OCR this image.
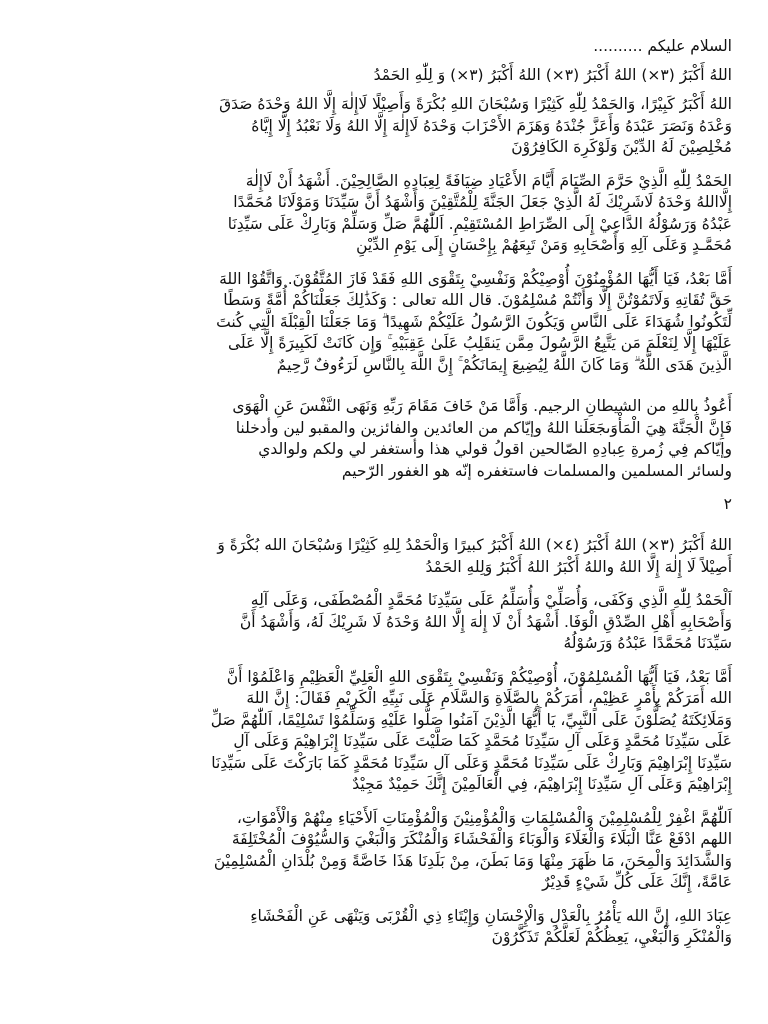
السلام عليكم ..........

اللهُ أَكْبَرُ (٣×) اللهُ أَكْبَرُ (٣×) اللهُ أَكْبَرُ (٣×) وَ لِلّٰهِ الحَمْدُ

اللهُ أَكْبَرُ كَبِيْرًا، وَالحَمْدُ لِلّٰهِ كَثِيْرًا وَسُبْحَانَ اللهِ بُكْرَةً وَأَصِيْلًا لَاإِلٰهَ إِلَّا اللهُ وَحْدَهُ صَدَقَ
وَعْدَهُ وَنَصَرَ عَبْدَهُ وَأَعَزَّ جُنْدَهُ وَهَزَمَ الأَحْزَابَ وَحْدَهُ لَاإِلٰهَ إِلَّا اللهُ وَلَا نَعْبُدُ إِلَّا إِيَّاهُ
مُخْلِصِيْنَ لَهُ الدِّيْنَ وَلَوْكَرِهَ الكَافِرُوْنَ

الحَمْدُ لِلّٰهِ الَّذِيْ حَرَّمَ الصِّيَامَ أَيَّامَ الأَعْيَادِ ضِيَافَةً لِعِبَادِهِ الصَّالِحِيْنَ. أَشْهَدُ أَنْ لَاإِلٰهَ
إِلَّااللهُ وَحْدَهُ لَاشَرِيْكَ لَهُ الَّذِيْ جَعَلَ الجَنَّةَ لِلْمُتَّقِيْنَ وَأَشْهَدُ أَنَّ سَيِّدَنَا وَمَوْلَانَا مُحَمَّدًا
عَبْدُهُ وَرَسُوْلُهُ الدَّاعِيْ إِلَى الصِّرَاطِ المُسْتَقِيْمِ. اَللّٰهُمَّ صَلِّ وَسَلِّمْ وَبَارِكْ عَلَى سَيِّدِنَا
مُحَمَّـدٍ وَعَلَى آلِهِ وَأَصْحَابِهِ وَمَنْ تَبِعَهُمْ بِإِحْسَانٍ إِلَى يَوْمِ الدِّيْنِ

أَمَّا بَعْدُ، فَيَا أَيُّهَا المُؤْمِنُوْنَ أُوْصِيْكُمْ وَنَفْسِيْ بِتَقْوَى اللهِ فَقَدْ فَازَ المُتَّقُوْنَ. وَاتَّقُوْا اللهَ
حَقَّ تُقَاتِهِ وَلَاتَمُوْتُنَّ إِلَّا وَأَنْتُمْ مُسْلِمُوْنَ. قال الله تعالى : وَكَذَٰلِكَ جَعَلْنَاكُمْ أُمَّةً وَسَطًا
لِّتَكُونُوا شُهَدَاءَ عَلَى النَّاسِ وَيَكُونَ الرَّسُولُ عَلَيْكُمْ شَهِيدًا ۗ وَمَا جَعَلْنَا الْقِبْلَةَ الَّتِي كُنتَ
عَلَيْهَا إِلَّا لِنَعْلَمَ مَن يَتَّبِعُ الرَّسُولَ مِمَّن يَنقَلِبُ عَلَىٰ عَقِبَيْهِ ۚ وَإِن كَانَتْ لَكَبِيرَةً إِلَّا عَلَى
الَّذِينَ هَدَى اللَّهُ ۗ وَمَا كَانَ اللَّهُ لِيُضِيعَ إِيمَانَكُمْ ۚ إِنَّ اللَّهَ بِالنَّاسِ لَرَءُوفٌ رَّحِيمٌ

أَعُوذُ بِاللهِ من الشيطانِ الرجيم. وَأَمَّا مَنْ خَافَ مَقَامَ رَبِّهِ وَنَهَى النَّفْسَ عَنِ الْهَوَى
فَإِنَّ الْجَنَّةَ هِيَ الْمَأْوَىجَعَلَنا اللهُ وإيّاكم من العائدين والفائزين والمقبو لين وأدخلنا
وإيّاكم فِي زُمرةِ عِبادِهِ الصّالحين اقولُ قولي هذا وأستغفر لي ولكم ولوالدي
ولسائر المسلمين والمسلمات فاستغفره إنّه هو الغفور الرّحيم

٢

اللهُ أَكْبَرُ (٣×) اللهُ أَكْبَرُ (٤×) اللهُ أَكْبَرُ كبيرًا وَالْحَمْدُ لِلهِ كَثِيْرًا وَسُبْحَانَ الله بُكْرَةً وَ
أَصِيْلاً لَا إِلٰهَ إِلَّا اللهُ واللهُ أَكْبَرُ اللهُ أَكْبَرُ وَلِلهِ الحَمْدُ

اَلْحَمْدُ لِلّٰهِ الَّذِي وَكَفَى، وَأُصَلِّيْ وَأُسَلِّمُ عَلَى سَيِّدِنَا مُحَمَّدٍ الْمُصْطَفَى، وَعَلَى آلِهِ
وَأَصْحَابِهِ أَهْلِ الصِّدْقِ الْوَفَا. أَشْهَدُ أَنْ لَا إِلٰهَ إِلَّا اللهُ وَحْدَهُ لَا شَرِيْكَ لَهُ، وَأَشْهَدُ أَنَّ
سَيِّدَنَا مُحَمَّدًا عَبْدُهُ وَرَسُوْلُهُ

أَمَّا بَعْدُ، فَيَا أَيُّهَا الْمُسْلِمُوْنَ، أُوْصِيْكُمْ وَنَفْسِيْ بِتَقْوَى اللهِ الْعَلِيِّ الْعَظِيْمِ وَاعْلَمُوْا أَنَّ
الله أَمَرَكُمْ بِأَمْرٍ عَظِيْمٍ، أَمَرَكُمْ بِالصَّلَاةِ وَالسَّلَامِ عَلَى نَبِيِّهِ الْكَرِيْمِ فَقَالَ: إِنَّ اللهَ
وَمَلَائِكَتَهُ يُصَلُّوْنَ عَلَى النَّبِيِّ، يَا أَيُّهَا الَّذِيْنَ آمَنُوا صَلُّوا عَلَيْهِ وَسَلِّمُوْا تَسْلِيْمًا، اَللّٰهُمَّ صَلِّ
عَلَى سَيِّدِنَا مُحَمَّدٍ وَعَلَى آلِ سَيِّدِنَا مُحَمَّدٍ كَمَا صَلَّيْتَ عَلَى سَيِّدِنَا إِبْرَاهِيْمَ وَعَلَى آلِ
سَيِّدِنَا إِبْرَاهِيْمَ وَبَارِكْ عَلَى سَيِّدِنَا مُحَمَّدٍ وَعَلَى آلِ سَيِّدِنَا مُحَمَّدٍ كَمَا بَارَكْتَ عَلَى سَيِّدِنَا
إِبْرَاهِيْمَ وَعَلَى آلِ سَيِّدِنَا إِبْرَاهِيْمَ، فِي الْعَالَمِيْنَ إِنَّكَ حَمِيْدٌ مَجِيْدٌ

اَللّٰهُمَّ اغْفِرْ لِلْمُسْلِمِيْنَ وَالْمُسْلِمَاتِ وَالْمُؤْمِنِيْنَ وَالْمُؤْمِنَاتِ اَلأَحْيَاءِ مِنْهُمْ وَالْأَمْوَاتِ،
اللهم ادْفَعْ عَنَّا الْبَلَاءَ وَالْغَلَاءَ وَالْوَبَاءَ وَالْفَحْشَاءَ وَالْمُنْكَرَ وَالْبَغْيَ وَالسُّيُوْفَ الْمُخْتَلِفَةَ
وَالشَّدَائِدَ وَالْمِحَنَ، مَا ظَهَرَ مِنْهَا وَمَا بَطَنَ، مِنْ بَلَدِنَا هَذَا خَاصَّةً وَمِنْ بُلْدَانِ الْمُسْلِمِيْنَ
عَامَّةً، إِنَّكَ عَلَى كُلِّ شَيْءٍ قَدِيْرٌ

عِبَادَ اللهِ، إِنَّ الله يَأْمُرُ بِالْعَدْلِ وَالْإِحْسَانِ وَإِيْتَاءِ ذِي الْقُرْبَى وَيَنْهَى عَنِ الْفَحْشَاءِ
وَالْمُنْكَرِ وَالْبَغْيِ، يَعِظُكُمْ لَعَلَّكُمْ تَذَكَّرُوْنَ
